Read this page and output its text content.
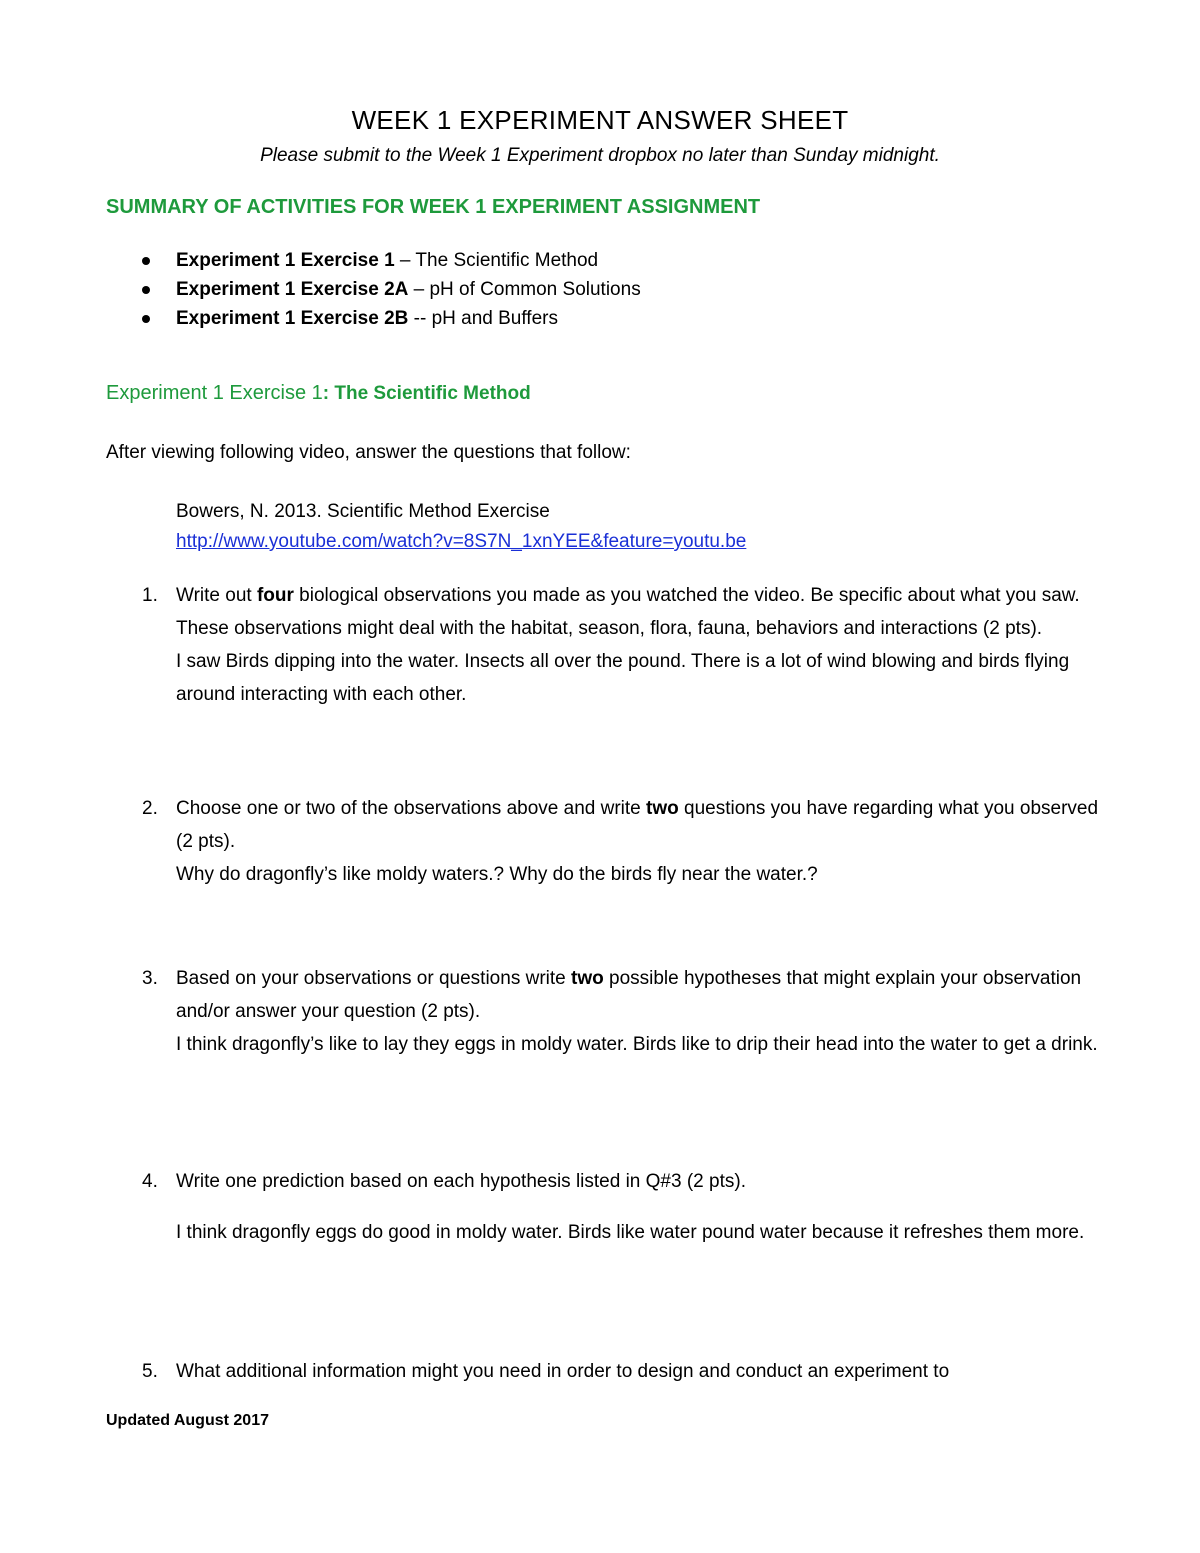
WEEK 1 EXPERIMENT ANSWER SHEET
Please submit to the Week 1 Experiment dropbox no later than Sunday midnight.
SUMMARY OF ACTIVITIES FOR WEEK 1 EXPERIMENT ASSIGNMENT
Experiment 1 Exercise 1 – The Scientific Method
Experiment 1 Exercise 2A – pH of Common Solutions
Experiment 1 Exercise 2B -- pH and Buffers
Experiment 1 Exercise 1: The Scientific Method
After viewing following video, answer the questions that follow:
Bowers, N. 2013. Scientific Method Exercise
http://www.youtube.com/watch?v=8S7N_1xnYEE&feature=youtu.be
1. Write out four biological observations you made as you watched the video. Be specific about what you saw. These observations might deal with the habitat, season, flora, fauna, behaviors and interactions (2 pts).
I saw Birds dipping into the water. Insects all over the pound. There is a lot of wind blowing and birds flying around interacting with each other.
2. Choose one or two of the observations above and write two questions you have regarding what you observed (2 pts).
Why do dragonfly’s like moldy waters.? Why do the birds fly near the water.?
3. Based on your observations or questions write two possible hypotheses that might explain your observation and/or answer your question (2 pts).
I think dragonfly’s like to lay they eggs in moldy water. Birds like to drip their head into the water to get a drink.
4. Write one prediction based on each hypothesis listed in Q#3 (2 pts).
I think dragonfly eggs do good in moldy water. Birds like water pound water because it refreshes them more.
5. What additional information might you need in order to design and conduct an experiment to
Updated August 2017
